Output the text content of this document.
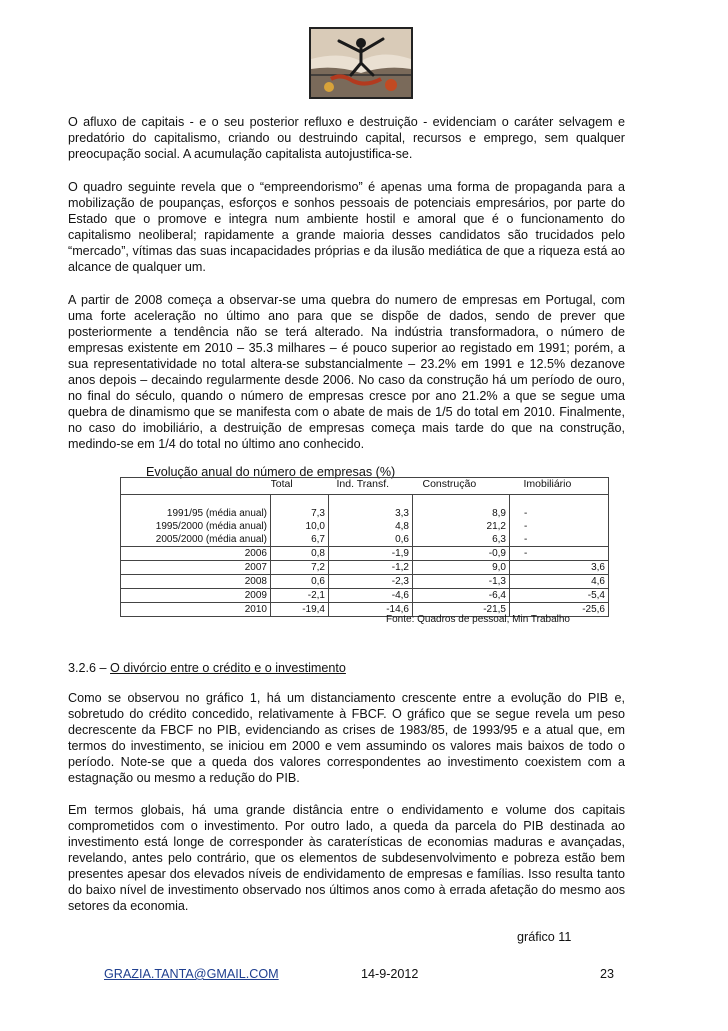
O afluxo de capitais - e o seu posterior refluxo e destruição - evidenciam o caráter selvagem e predatório do capitalismo, criando ou destruindo capital, recursos e emprego, sem qualquer preocupação social. A acumulação capitalista autojustifica-se.

O quadro seguinte revela que o “empreendorismo” é apenas uma forma de propaganda para a mobilização de poupanças, esforços e sonhos pessoais de potenciais empresários, por parte do Estado que o promove e integra num ambiente hostil e amoral que é o funcionamento do capitalismo neoliberal; rapidamente a grande maioria desses candidatos são trucidados pelo “mercado”, vítimas das suas incapacidades próprias e da ilusão mediática de que a riqueza está ao alcance de qualquer um.

A partir de 2008 começa a observar-se uma quebra do numero de empresas em Portugal, com uma forte aceleração no último ano para que se dispõe de dados, sendo de prever que posteriormente a tendência não se terá alterado. Na indústria transformadora, o número de empresas existente em 2010 – 35.3 milhares – é pouco superior ao registado em 1991; porém, a sua representatividade no total altera-se substancialmente – 23.2% em 1991 e 12.5% dezanove anos depois – decaindo regularmente desde 2006. No caso da construção há um período de ouro, no final do século, quando o número de empresas cresce por ano 21.2% a que se segue uma quebra de dinamismo que se manifesta com o abate de mais de 1/5 do total em 2010. Finalmente, no caso do imobiliário, a destruição de empresas começa mais tarde do que na construção, medindo-se em 1/4 do total no último ano conhecido.

Evolução anual do número de empresas (%)

	Total	Ind. Transf.	Construção	Imobiliário
1991/95 (média anual)	7,3	3,3	8,9	-
1995/2000 (média anual)	10,0	4,8	21,2	-
2005/2000 (média anual)	6,7	0,6	6,3	-
2006	0,8	-1,9	-0,9	-
2007	7,2	-1,2	9,0	3,6
2008	0,6	-2,3	-1,3	4,6
2009	-2,1	-4,6	-6,4	-5,4
2010	-19,4	-14,6	-21,5	-25,6
Fonte: Quadros de pessoal, Min Trabalho

3.2.6 – O divórcio entre o crédito e o investimento

Como se observou no gráfico 1, há um distanciamento crescente entre a evolução do PIB e, sobretudo do crédito concedido, relativamente à FBCF. O gráfico que se segue revela um peso decrescente da FBCF no PIB, evidenciando as crises de 1983/85, de 1993/95 e a atual que, em termos do investimento, se iniciou em 2000 e vem assumindo os valores mais baixos de todo o período. Note-se que a queda dos valores correspondentes ao investimento coexistem com a estagnação ou mesmo a redução do PIB.

Em termos globais, há uma grande distância entre o endividamento e volume dos capitais comprometidos com o investimento. Por outro lado, a queda da parcela do PIB destinada ao investimento está longe de corresponder às caraterísticas de economias maduras e avançadas, revelando, antes pelo contrário, que os elementos de subdesenvolvimento e pobreza estão bem presentes apesar dos elevados níveis de endividamento de empresas e famílias. Isso resulta tanto do baixo nível de investimento observado nos últimos anos como à errada afetação do mesmo aos setores da economia.

gráfico 11
GRAZIA.TANTA@GMAIL.COM	14-9-2012	23
